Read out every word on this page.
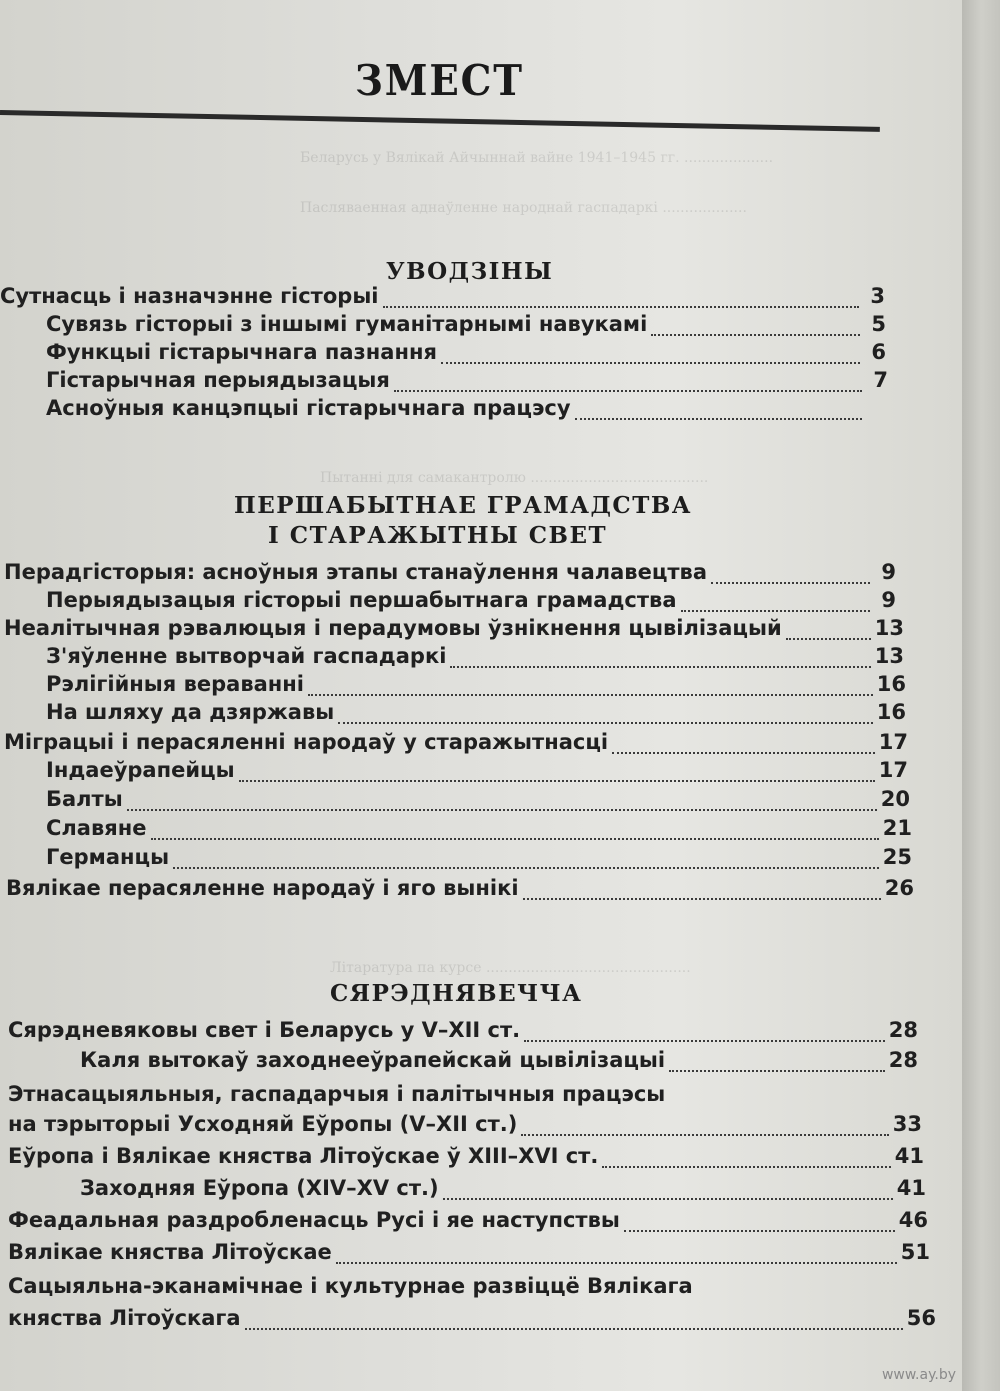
Беларусь у Вялікай Айчыннай вайне 1941–1945 гг. ....................
Пасляваенная аднаўленне народнай гаспадаркі ...................
Пытанні для самакантролю ........................................
Літаратура па курсе ..............................................
ЗМЕСТ
УВОДЗІНЫ
Сутнасць і назначэнне гісторыі	3
Сувязь гісторыі з іншымі гуманітарнымі навукамі	5
Функцыі гістарычнага пазнання	6
Гістарычная перыядызацыя	7
Асноўныя канцэпцыі гістарычнага працэсу
ПЕРШАБЫТНАЕ ГРАМАДСТВА
І СТАРАЖЫТНЫ СВЕТ
Перадгісторыя: асноўныя этапы станаўлення чалавецтва	9
Перыядызацыя гісторыі першабытнага грамадства	9
Неалітычная рэвалюцыя і перадумовы ўзнікнення цывілізацый	13
З'яўленне вытворчай гаспадаркі	13
Рэлігійныя вераванні	16
На шляху да дзяржавы	16
Міграцыі і перасяленні народаў у старажытнасці	17
Індаеўрапейцы	17
Балты	20
Славяне	21
Германцы	25
Вялікае перасяленне народаў і яго вынікі	26
СЯРЭДНЯВЕЧЧА
Сярэдневяковы свет і Беларусь у V–XII ст.	28
Каля вытокаў заходнееўрапейскай цывілізацыі	28
Этнасацыяльныя, гаспадарчыя і палітычныя працэсы
на тэрыторыі Усходняй Еўропы (V–XII ст.)	33
Еўропа і Вялікае княства Літоўскае ў XIII–XVI ст.	41
Заходняя Еўропа (XIV–XV ст.)	41
Феадальная раздробленасць Русі і яе наступствы	46
Вялікае княства Літоўскае	51
Сацыяльна-эканамічнае і культурнае развіццё Вялікага
княства Літоўскага	56
www.ay.by
